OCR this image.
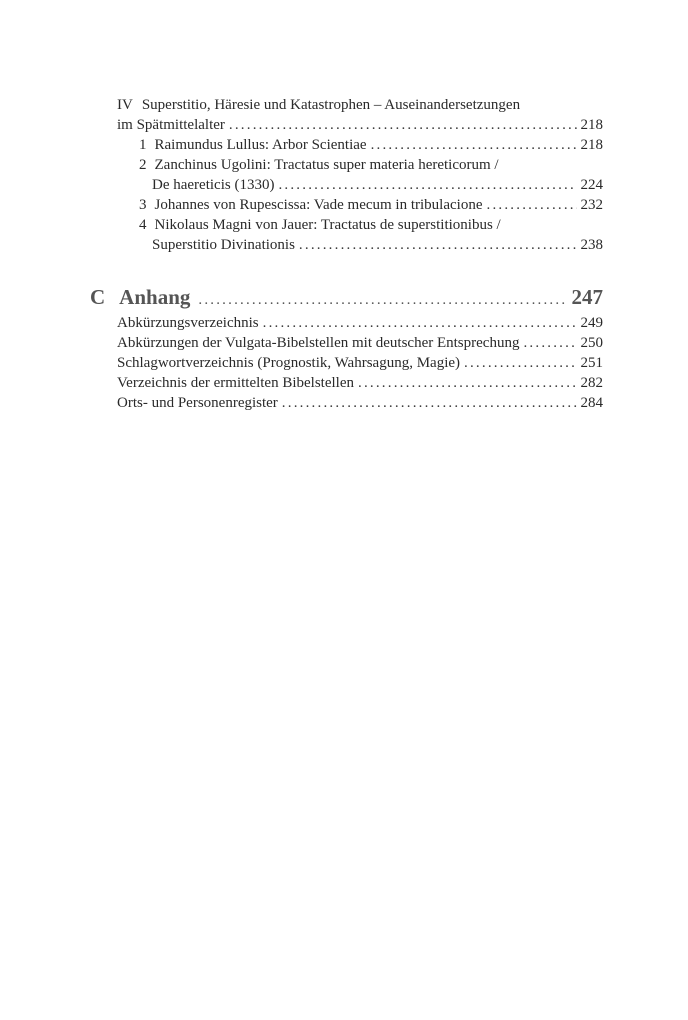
IV Superstitio, Häresie und Katastrophen – Auseinandersetzungen
im Spätmittelalter .....	218
1 Raimundus Lullus: Arbor Scientiae .....	218
2 Zanchinus Ugolini: Tractatus super materia hereticorum /
De haereticis (1330) .....	224
3 Johannes von Rupescissa: Vade mecum in tribulacione .....	232
4 Nikolaus Magni von Jauer: Tractatus de superstitionibus /
Superstitio Divinationis .....	238
C Anhang .....	247
Abkürzungsverzeichnis .....	249
Abkürzungen der Vulgata-Bibelstellen mit deutscher Entsprechung .....	250
Schlagwortverzeichnis (Prognostik, Wahrsagung, Magie) .....	251
Verzeichnis der ermittelten Bibelstellen .....	282
Orts- und Personenregister .....	284
